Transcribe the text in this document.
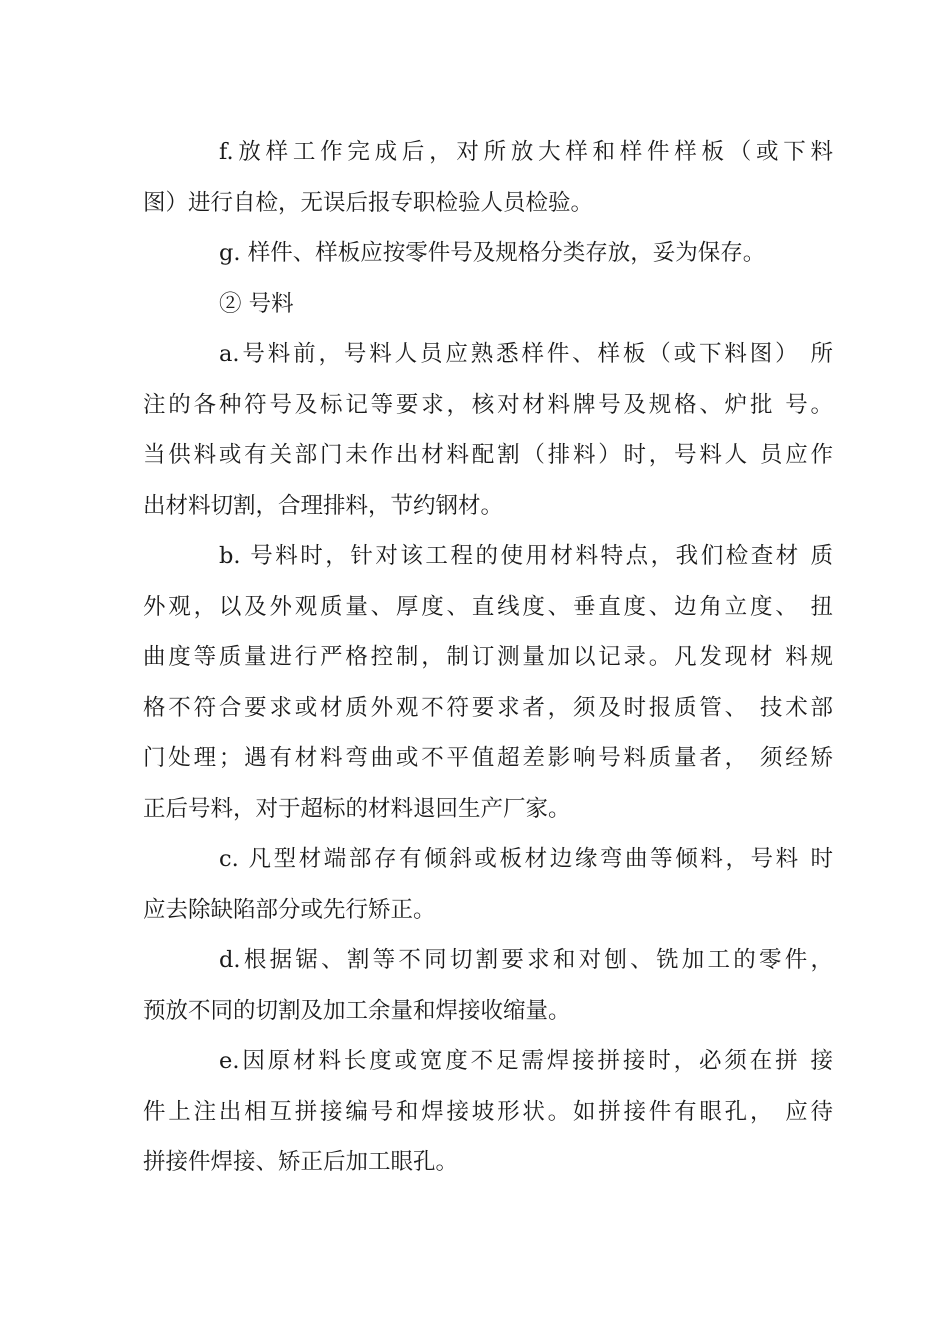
f.放样工作完成后，对所放大样和样件样板（或下料
图）进行自检，无误后报专职检验人员检验。
g. 样件、样板应按零件号及规格分类存放，妥为保存。
② 号料
a.号料前，号料人员应熟悉样件、样板（或下料图） 所
注的各种符号及标记等要求，核对材料牌号及规格、炉批 号。
当供料或有关部门未作出材料配割（排料）时，号料人 员应作
出材料切割，合理排料，节约钢材。
b. 号料时，针对该工程的使用材料特点，我们检查材 质
外观，以及外观质量、厚度、直线度、垂直度、边角立度、 扭
曲度等质量进行严格控制，制订测量加以记录。凡发现材 料规
格不符合要求或材质外观不符要求者，须及时报质管、 技术部
门处理；遇有材料弯曲或不平值超差影响号料质量者， 须经矫
正后号料，对于超标的材料退回生产厂家。
c. 凡型材端部存有倾斜或板材边缘弯曲等倾料，号料 时
应去除缺陷部分或先行矫正。
d.根据锯、割等不同切割要求和对刨、铣加工的零件，
预放不同的切割及加工余量和焊接收缩量。
e.因原材料长度或宽度不足需焊接拼接时，必须在拼 接
件上注出相互拼接编号和焊接坡形状。如拼接件有眼孔， 应待
拼接件焊接、矫正后加工眼孔。
